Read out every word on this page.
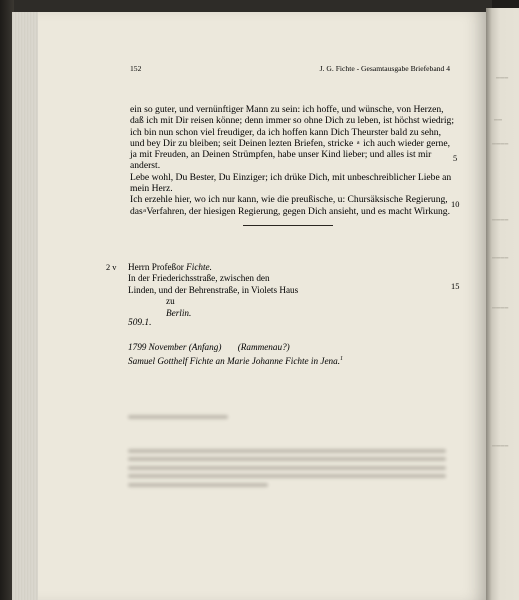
▔▔▔
▔▔
▔▔▔▔
▔▔▔▔
▔▔▔▔
▔▔▔▔
▔▔▔▔
152	J. G. Fichte - Gesamtausgabe Briefeband 4
ein so guter, und vernünftiger Mann zu sein: ich hoffe, und wünsche, von Herzen,
daß ich mit Dir reisen könne; denn immer so ohne Dich zu leben, ist höchst wiedrig;
ich bin nun schon viel freudiger, da ich hoffen kann Dich Theurster bald zu sehn,
und bey Dir zu bleiben; seit Deinen lezten Briefen, stricke a ich auch wieder gerne,
ja mit Freuden, an Deinen Strümpfen, habe unser Kind lieber; und alles ist mir
anderst.
Lebe wohl, Du Bester, Du Einziger; ich drüke Dich, mit unbeschreiblicher Liebe an
mein Herz.
Ich erzehle hier, wo ich nur kann, wie die preußische, u: Chursäksische Regierung,
das a Verfahren, der hiesigen Regierung, gegen Dich ansieht, und es macht Wirkung.
5
10
15
2 v Herrn Profeßor Fichte.
In der Friederichsstraße, zwischen den
Linden, und der Behrenstraße, in Violets Haus
zu
Berlin.
509.1.
1799 November (Anfang) (Rammenau?)
Samuel Gotthelf Fichte an Marie Johanne Fichte in Jena.$^1$
